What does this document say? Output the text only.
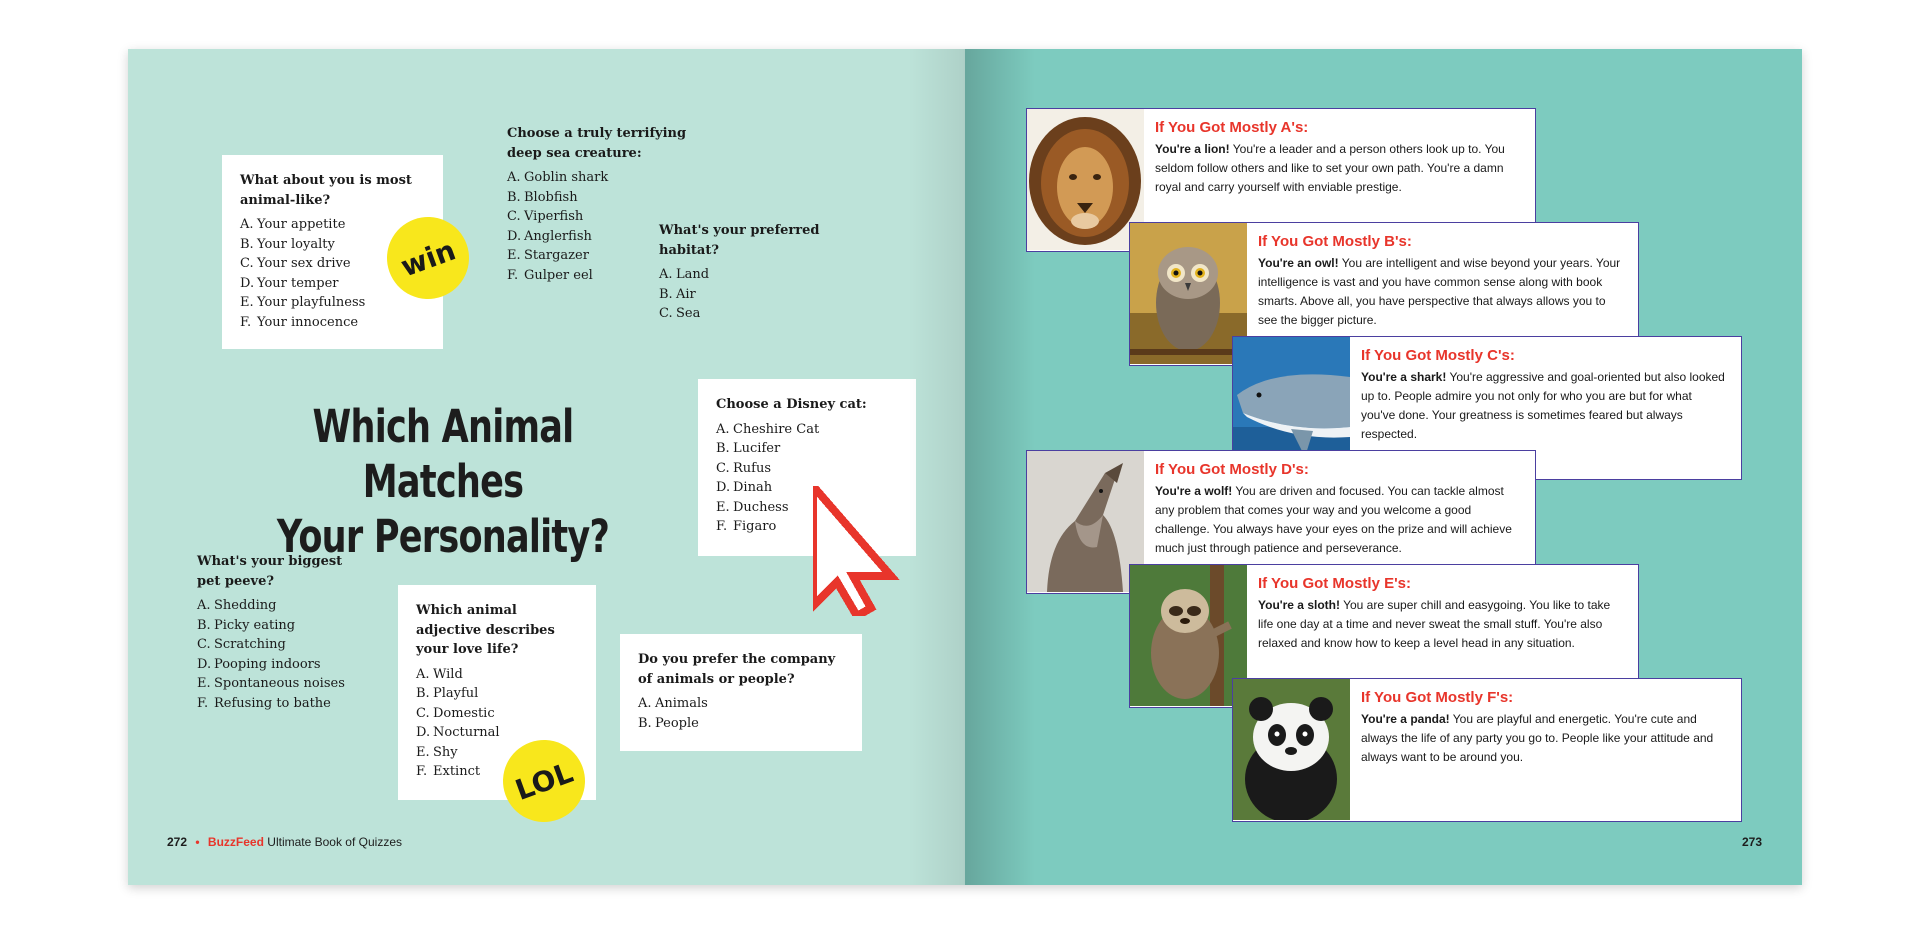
What about you is most
animal-like?
A. Your appetite
B. Your loyalty
C. Your sex drive
D. Your temper
E. Your playfulness
F. Your innocence
win
Choose a truly terrifying
deep sea creature:
A. Goblin shark
B. Blobfish
C. Viperfish
D. Anglerfish
E. Stargazer
F. Gulper eel
What's your preferred
habitat?
A. Land
B. Air
C. Sea
Which Animal Matches
Your Personality?
Choose a Disney cat:
A. Cheshire Cat
B. Lucifer
C. Rufus
D. Dinah
E. Duchess
F. Figaro
What's your biggest
pet peeve?
A. Shedding
B. Picky eating
C. Scratching
D. Pooping indoors
E. Spontaneous noises
F. Refusing to bathe
Which animal
adjective describes
your love life?
A. Wild
B. Playful
C. Domestic
D. Nocturnal
E. Shy
F. Extinct	LOL
Do you prefer the company
of animals or people?
A. Animals
B. People
272 • BuzzFeed Ultimate Book of Quizzes
If You Got Mostly A's:
You're a lion! You're a leader and a person others look up to. You seldom follow others and like to set your own path. You're a damn royal and carry yourself with enviable prestige.
If You Got Mostly B's:
You're an owl! You are intelligent and wise beyond your years. Your intelligence is vast and you have common sense along with book smarts. Above all, you have perspective that always allows you to see the bigger picture.
If You Got Mostly C's:
You're a shark! You're aggressive and goal-oriented but also looked up to. People admire you not only for who you are but for what you've done. Your greatness is sometimes feared but always respected.
If You Got Mostly D's:
You're a wolf! You are driven and focused. You can tackle almost any problem that comes your way and you welcome a good challenge. You always have your eyes on the prize and will achieve much just through patience and perseverance.
If You Got Mostly E's:
You're a sloth! You are super chill and easygoing. You like to take life one day at a time and never sweat the small stuff. You're also relaxed and know how to keep a level head in any situation.
If You Got Mostly F's:
You're a panda! You are playful and energetic. You're cute and always the life of any party you go to. People like your attitude and always want to be around you.
273
